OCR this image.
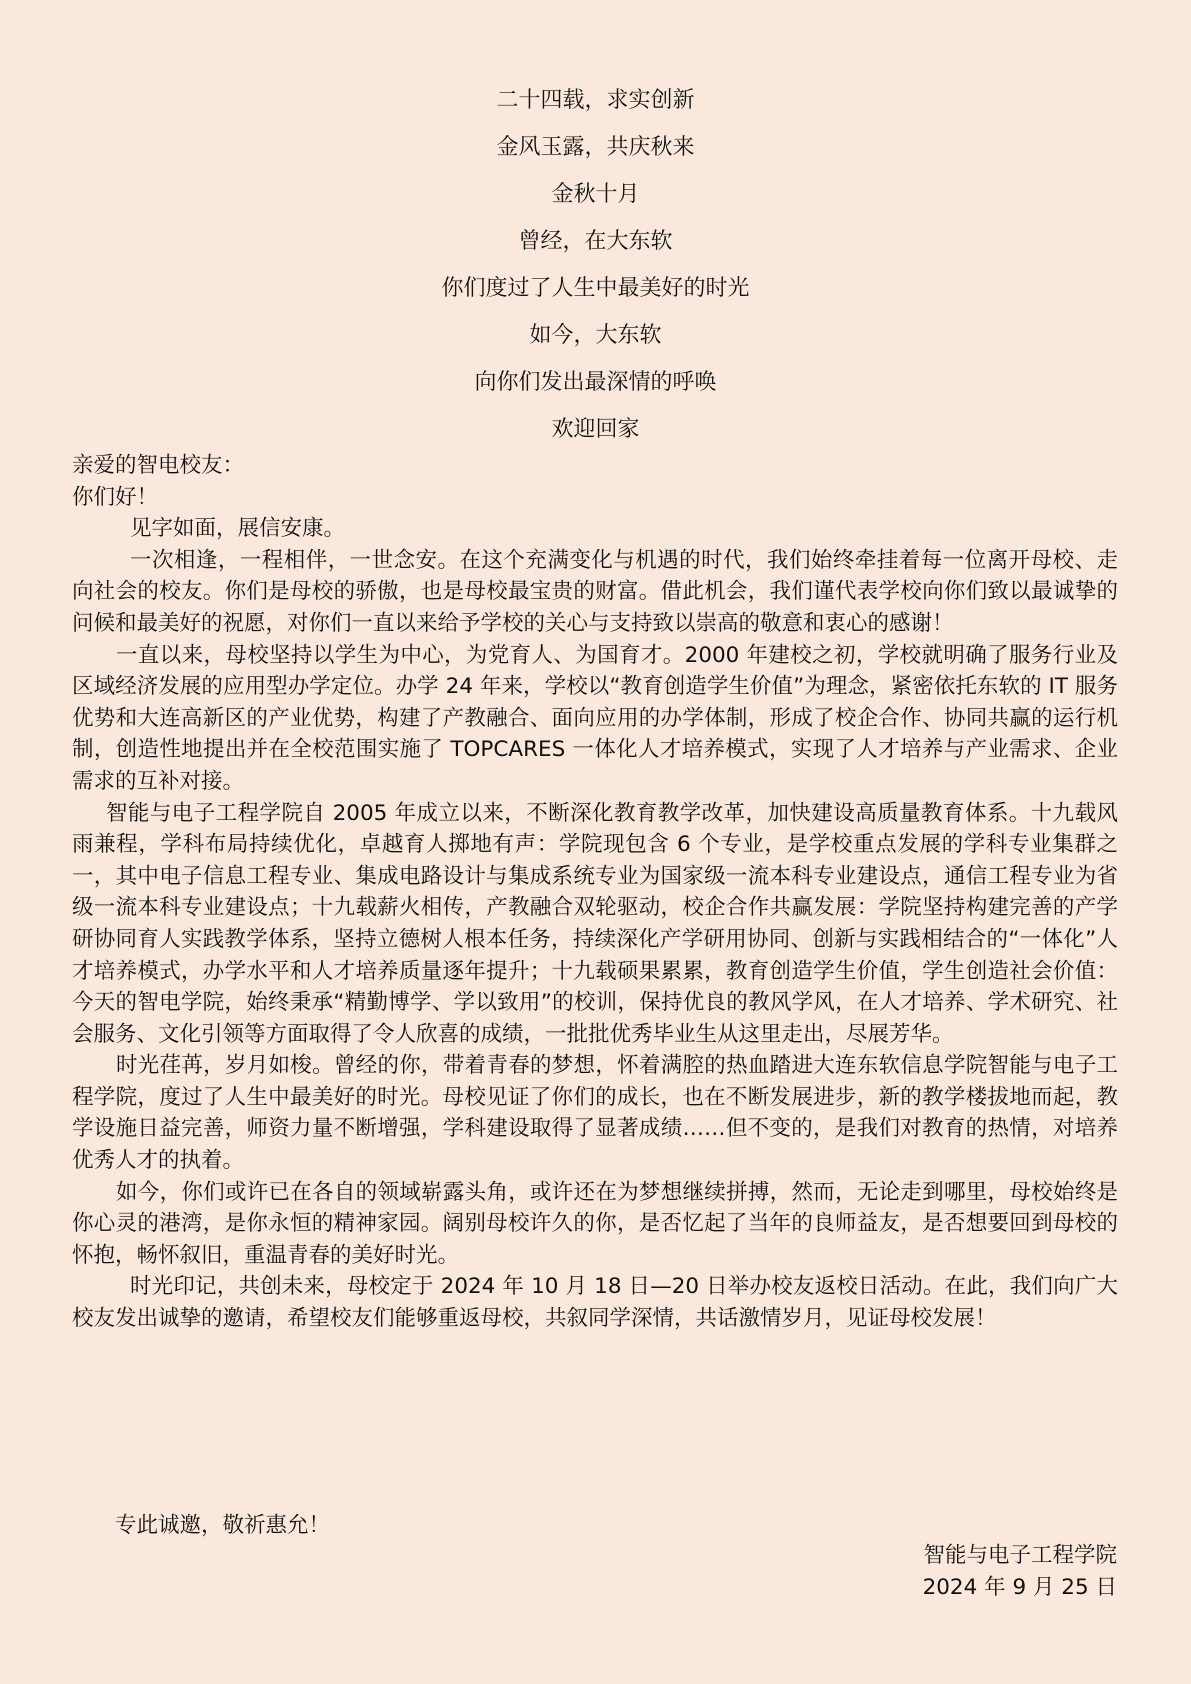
二十四载，求实创新
金风玉露，共庆秋来
金秋十月
曾经，在大东软
你们度过了人生中最美好的时光
如今，大东软
向你们发出最深情的呼唤
欢迎回家
亲爱的智电校友：
你们好！

见字如面，展信安康。

一次相逢，一程相伴，一世念安。在这个充满变化与机遇的时代，我们始终牵挂着每一位离开母校、走向社会的校友。你们是母校的骄傲，也是母校最宝贵的财富。借此机会，我们谨代表学校向你们致以最诚挚的问候和最美好的祝愿，对你们一直以来给予学校的关心与支持致以崇高的敬意和衷心的感谢！

一直以来，母校坚持以学生为中心，为党育人、为国育才。2000 年建校之初，学校就明确了服务行业及区域经济发展的应用型办学定位。办学 24 年来，学校以“教育创造学生价值”为理念，紧密依托东软的 IT 服务优势和大连高新区的产业优势，构建了产教融合、面向应用的办学体制，形成了校企合作、协同共赢的运行机制，创造性地提出并在全校范围实施了 TOPCARES 一体化人才培养模式，实现了人才培养与产业需求、企业需求的互补对接。

智能与电子工程学院自 2005 年成立以来，不断深化教育教学改革，加快建设高质量教育体系。十九载风雨兼程，学科布局持续优化，卓越育人掷地有声：学院现包含 6 个专业，是学校重点发展的学科专业集群之一，其中电子信息工程专业、集成电路设计与集成系统专业为国家级一流本科专业建设点，通信工程专业为省级一流本科专业建设点；十九载薪火相传，产教融合双轮驱动，校企合作共赢发展：学院坚持构建完善的产学研协同育人实践教学体系，坚持立德树人根本任务，持续深化产学研用协同、创新与实践相结合的“一体化”人才培养模式，办学水平和人才培养质量逐年提升；十九载硕果累累，教育创造学生价值，学生创造社会价值：今天的智电学院，始终秉承“精勤博学、学以致用”的校训，保持优良的教风学风，在人才培养、学术研究、社会服务、文化引领等方面取得了令人欣喜的成绩，一批批优秀毕业生从这里走出，尽展芳华。

时光荏苒，岁月如梭。曾经的你，带着青春的梦想，怀着满腔的热血踏进大连东软信息学院智能与电子工程学院，度过了人生中最美好的时光。母校见证了你们的成长，也在不断发展进步，新的教学楼拔地而起，教学设施日益完善，师资力量不断增强，学科建设取得了显著成绩……但不变的，是我们对教育的热情，对培养优秀人才的执着。

如今，你们或许已在各自的领域崭露头角，或许还在为梦想继续拼搏，然而，无论走到哪里，母校始终是你心灵的港湾，是你永恒的精神家园。阔别母校许久的你，是否忆起了当年的良师益友，是否想要回到母校的怀抱，畅怀叙旧，重温青春的美好时光。

时光印记，共创未来，母校定于 2024 年 10 月 18 日—20 日举办校友返校日活动。在此，我们向广大校友发出诚挚的邀请，希望校友们能够重返母校，共叙同学深情，共话激情岁月，见证母校发展！

专此诚邀，敬祈惠允！
智能与电子工程学院
2024 年 9 月 25 日
